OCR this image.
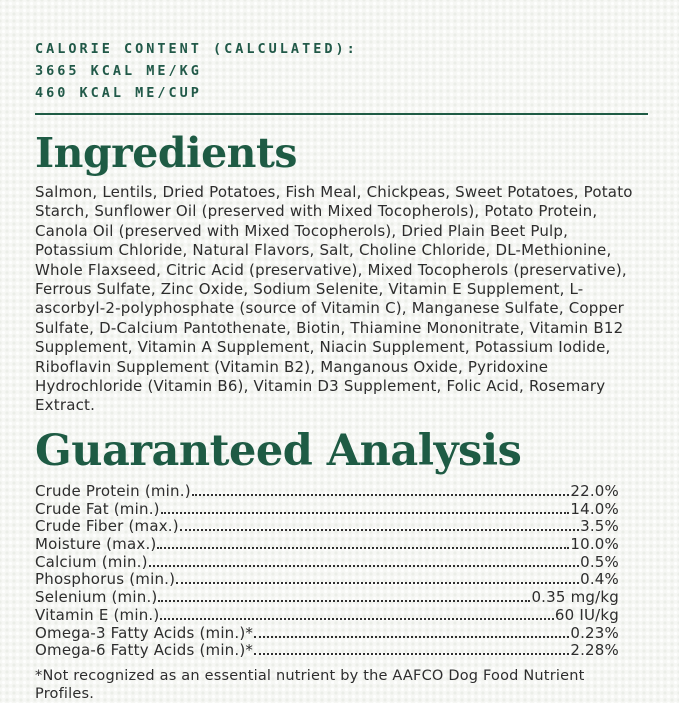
CALORIE CONTENT (CALCULATED):
3665 KCAL ME/KG
460 KCAL ME/CUP
Ingredients

Salmon, Lentils, Dried Potatoes, Fish Meal, Chickpeas, Sweet Potatoes, Potato Starch, Sunflower Oil (preserved with Mixed Tocopherols), Potato Protein, Canola Oil (preserved with Mixed Tocopherols), Dried Plain Beet Pulp, Potassium Chloride, Natural Flavors, Salt, Choline Chloride, DL-Methionine, Whole Flaxseed, Citric Acid (preservative), Mixed Tocopherols (preservative), Ferrous Sulfate, Zinc Oxide, Sodium Selenite, Vitamin E Supplement, L-ascorbyl-2-polyphosphate (source of Vitamin C), Manganese Sulfate, Copper Sulfate, D-Calcium Pantothenate, Biotin, Thiamine Mononitrate, Vitamin B12 Supplement, Vitamin A Supplement, Niacin Supplement, Potassium Iodide, Riboflavin Supplement (Vitamin B2), Manganous Oxide, Pyridoxine Hydrochloride (Vitamin B6), Vitamin D3 Supplement, Folic Acid, Rosemary Extract.

Guaranteed Analysis
Crude Protein (min.)	22.0%
Crude Fat (min.)	14.0%
Crude Fiber (max.)	3.5%
Moisture (max.)	10.0%
Calcium (min.)	0.5%
Phosphorus (min.)	0.4%
Selenium (min.)	0.35 mg/kg
Vitamin E (min.)	60 IU/kg
Omega-3 Fatty Acids (min.)*	0.23%
Omega-6 Fatty Acids (min.)*	2.28%
*Not recognized as an essential nutrient by the AAFCO Dog Food Nutrient Profiles.
